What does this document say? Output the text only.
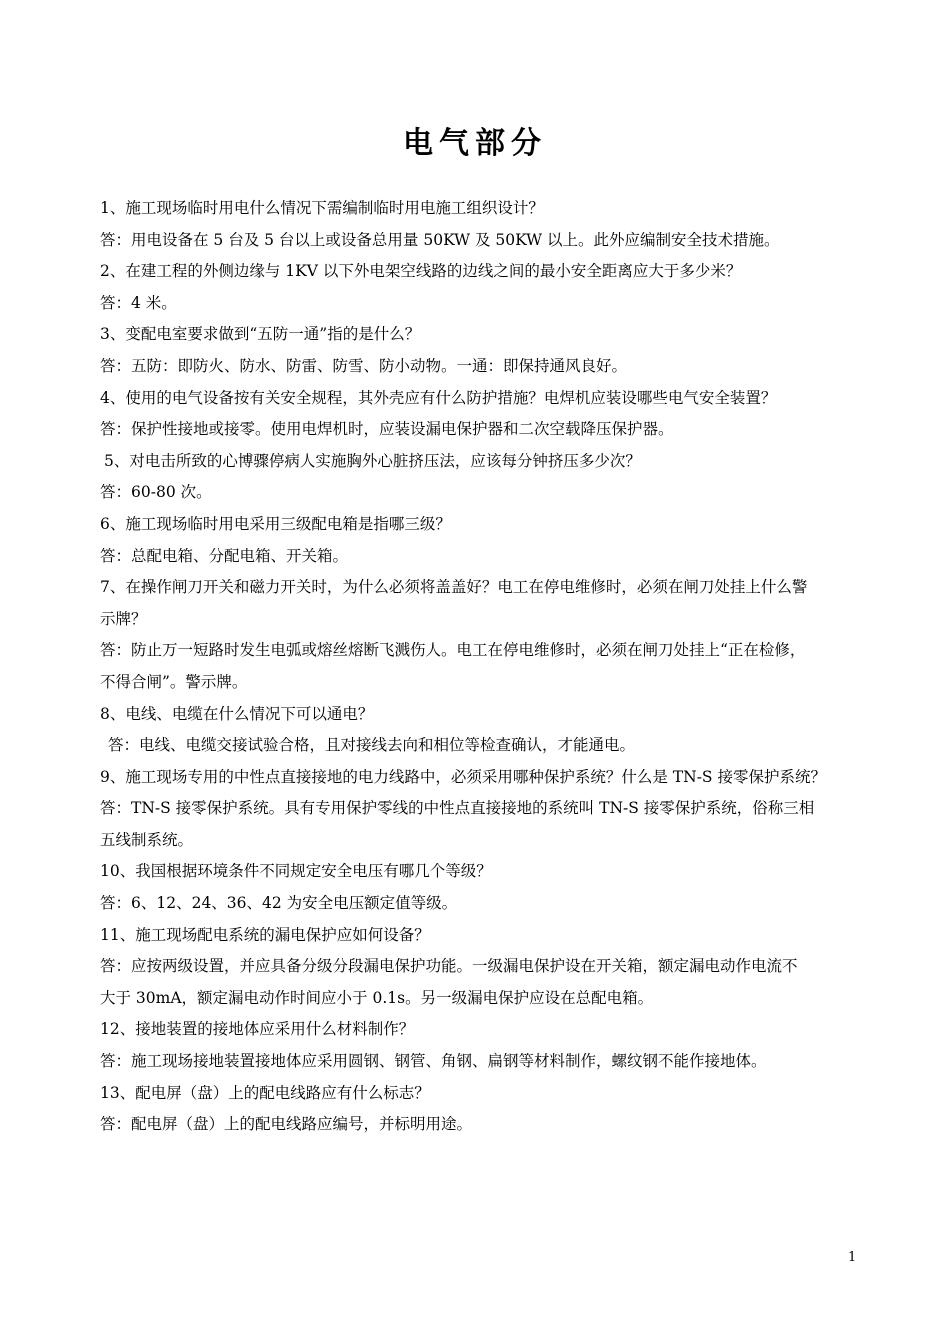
电气部分
1、施工现场临时用电什么情况下需编制临时用电施工组织设计？
答：用电设备在 5 台及 5 台以上或设备总用量 50KW 及 50KW 以上。此外应编制安全技术措施。
2、在建工程的外侧边缘与 1KV 以下外电架空线路的边线之间的最小安全距离应大于多少米？
答：4 米。
3、变配电室要求做到“五防一通”指的是什么？
答：五防：即防火、防水、防雷、防雪、防小动物。一通：即保持通风良好。
4、使用的电气设备按有关安全规程，其外壳应有什么防护措施？电焊机应装设哪些电气安全装置？
答：保护性接地或接零。使用电焊机时，应装设漏电保护器和二次空载降压保护器。
5、对电击所致的心博骤停病人实施胸外心脏挤压法，应该每分钟挤压多少次？
答：60-80 次。
6、施工现场临时用电采用三级配电箱是指哪三级？
答：总配电箱、分配电箱、开关箱。
7、在操作闸刀开关和磁力开关时，为什么必须将盖盖好？电工在停电维修时，必须在闸刀处挂上什么警
示牌？
答：防止万一短路时发生电弧或熔丝熔断飞溅伤人。电工在停电维修时，必须在闸刀处挂上“正在检修，
不得合闸”。警示牌。
8、电线、电缆在什么情况下可以通电？
答：电线、电缆交接试验合格，且对接线去向和相位等检查确认，才能通电。
9、施工现场专用的中性点直接接地的电力线路中，必须采用哪种保护系统？什么是 TN-S 接零保护系统？
答：TN-S 接零保护系统。具有专用保护零线的中性点直接接地的系统叫 TN-S 接零保护系统，俗称三相
五线制系统。
10、我国根据环境条件不同规定安全电压有哪几个等级？
答：6、12、24、36、42 为安全电压额定值等级。
11、施工现场配电系统的漏电保护应如何设备？
答：应按两级设置，并应具备分级分段漏电保护功能。一级漏电保护设在开关箱，额定漏电动作电流不
大于 30mA，额定漏电动作时间应小于 0.1s。另一级漏电保护应设在总配电箱。
12、接地装置的接地体应采用什么材料制作？
答：施工现场接地装置接地体应采用圆钢、钢管、角钢、扁钢等材料制作，螺纹钢不能作接地体。
13、配电屏（盘）上的配电线路应有什么标志？
答：配电屏（盘）上的配电线路应编号，并标明用途。
1
